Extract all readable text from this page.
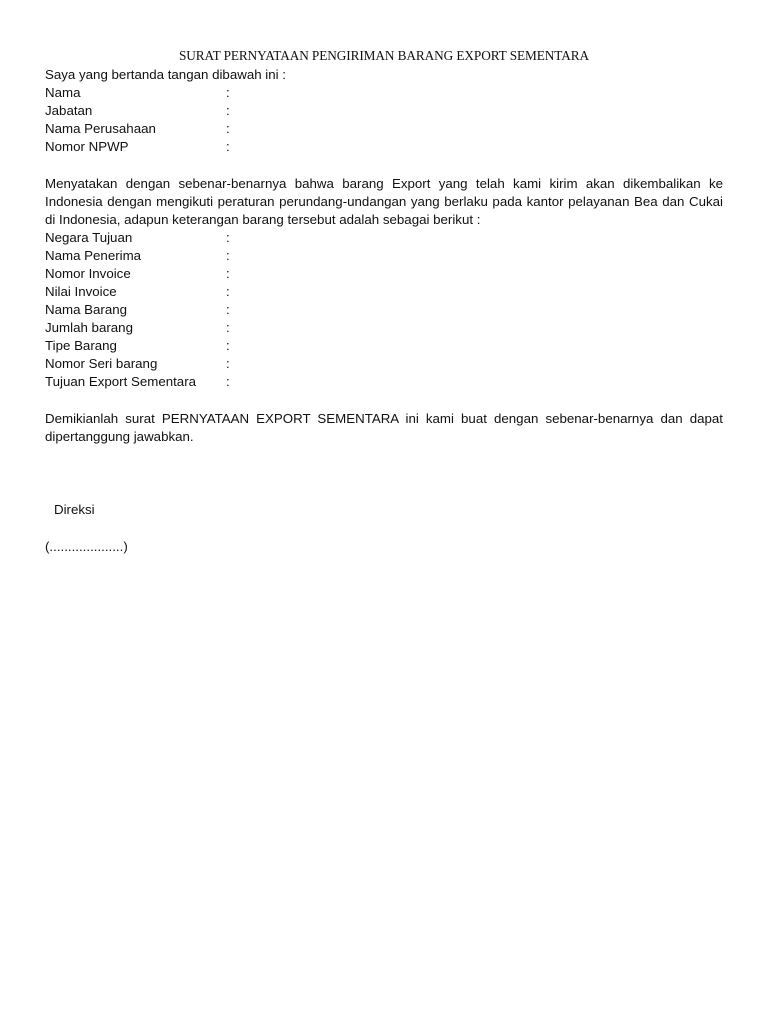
SURAT PERNYATAAN PENGIRIMAN BARANG EXPORT SEMENTARA
Saya yang bertanda tangan dibawah ini :
Nama	:
Jabatan	:
Nama Perusahaan	:
Nomor NPWP	:

Menyatakan dengan sebenar-benarnya bahwa barang Export yang telah kami kirim akan dikembalikan ke Indonesia dengan mengikuti peraturan perundang-undangan yang berlaku pada kantor pelayanan Bea dan Cukai di Indonesia, adapun keterangan barang tersebut adalah sebagai berikut :

Negara Tujuan	:
Nama Penerima	:
Nomor Invoice	:
Nilai Invoice	:
Nama Barang	:
Jumlah barang	:
Tipe Barang	:
Nomor Seri barang	:
Tujuan Export Sementara :

Demikianlah surat PERNYATAAN EXPORT SEMENTARA ini kami buat dengan sebenar-benarnya dan dapat dipertanggung jawabkan.

Direksi
(....................)
